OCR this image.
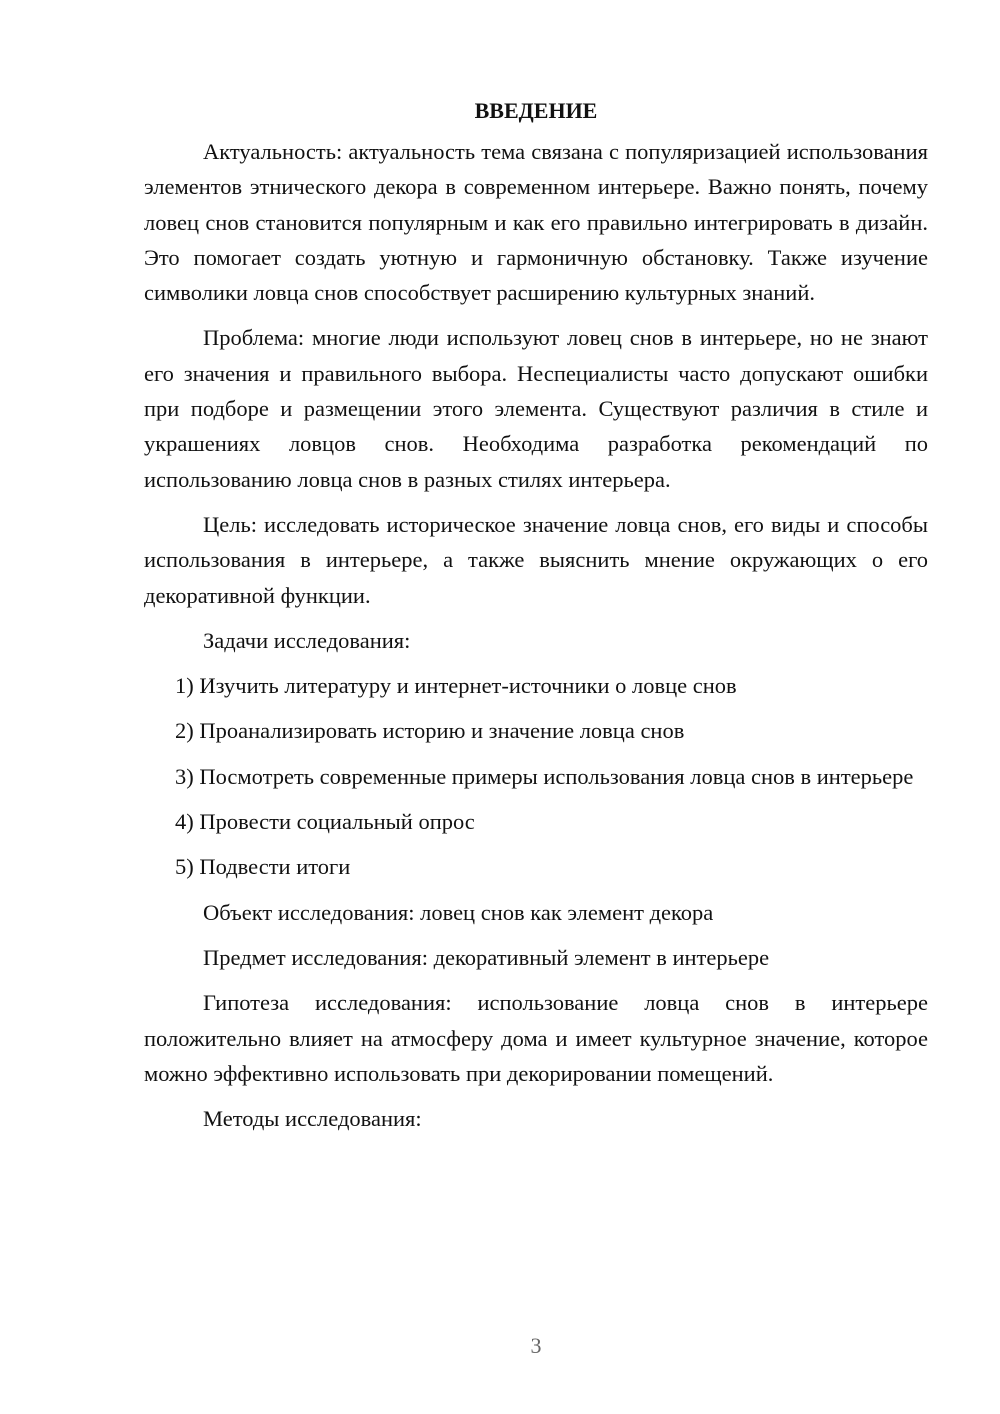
ВВЕДЕНИЕ

Актуальность: актуальность тема связана с популяризацией использования элементов этнического декора в современном интерьере. Важно понять, почему ловец снов становится популярным и как его правильно интегрировать в дизайн. Это помогает создать уютную и гармоничную обстановку. Также изучение символики ловца снов способствует расширению культурных знаний.

Проблема: многие люди используют ловец снов в интерьере, но не знают его значения и правильного выбора. Неспециалисты часто допускают ошибки при подборе и размещении этого элемента. Существуют различия в стиле и украшениях ловцов снов. Необходима разработка рекомендаций по использованию ловца снов в разных стилях интерьера.

Цель: исследовать историческое значение ловца снов, его виды и способы использования в интерьере, а также выяснить мнение окружающих о его декоративной функции.

Задачи исследования:

1) Изучить литературу и интернет-источники о ловце снов

2) Проанализировать историю и значение ловца снов

3) Посмотреть современные примеры использования ловца снов в интерьере

4) Провести социальный опрос

5) Подвести итоги

Объект исследования: ловец снов как элемент декора

Предмет исследования: декоративный элемент в интерьере

Гипотеза исследования: использование ловца снов в интерьере положительно влияет на атмосферу дома и имеет культурное значение, которое можно эффективно использовать при декорировании помещений.

Методы исследования:

3
